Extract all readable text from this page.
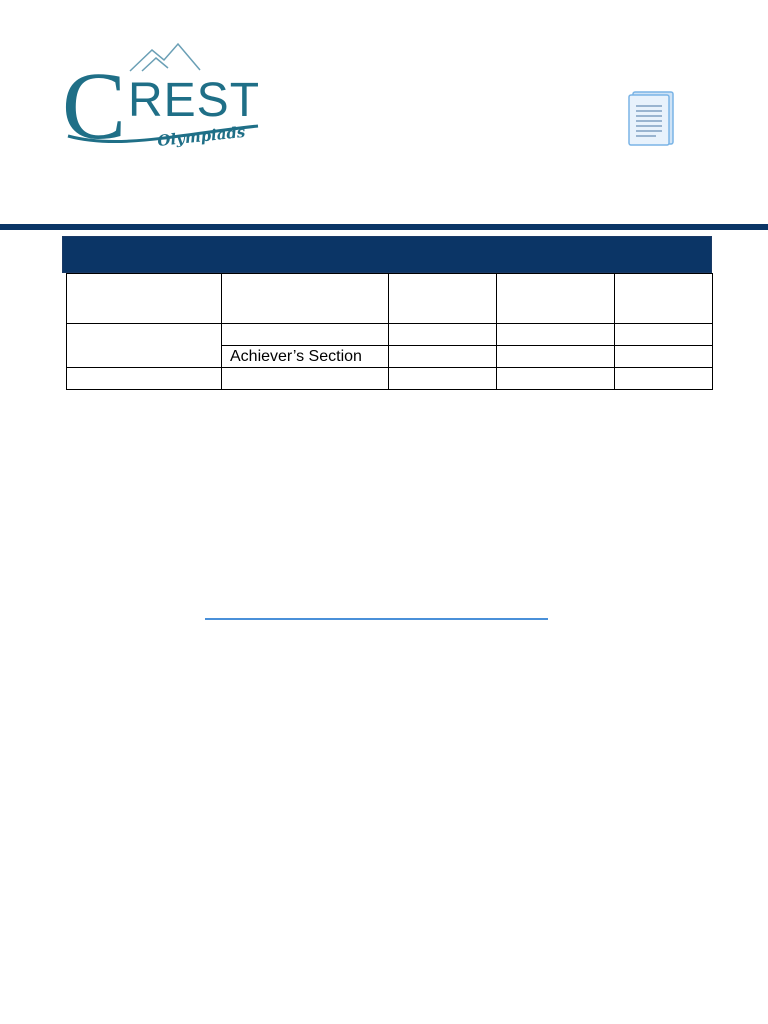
C REST
Olympiads

	Achiever’s Section			
